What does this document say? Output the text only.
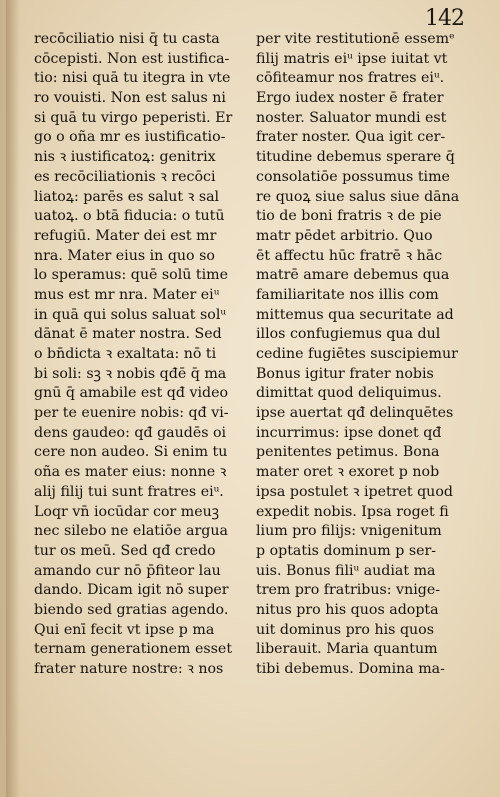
142
recōciliatio nisi q̄ tu casta
cōcepisti. Non est iustifica-
tio: nisi quā tu itegra in vte
ro vouisti. Non est salus ni
si quā tu virgo peperisti. Er
go o oña mr es iustificatio-
nis ꝛ iustificatoꝝ: genitrix
es recōciliationis ꝛ recōci
liatoꝝ: parēs es salut ꝛ sal
uatoꝝ. o btā fiducia: o tutū
refugiū. Mater dei est mr
nra. Mater eius in quo so
lo speramus: quē solū time
mus est mr nra. Mater eiᵘ
in quā qui solus saluat solᵘ
dānat ē mater nostra. Sed
o bn̄dicta ꝛ exaltata: nō ti
bi soli: sꝫ ꝛ nobis qđē q̄ ma
gnū q̄ amabile est qđ video
per te euenire nobis: qđ vi-
dens gaudeo: qđ gaudēs oi
cere non audeo. Si enim tu
oña es mater eius: nonne ꝛ
alij filij tui sunt fratres eiᵘ.
Loqr vn̄ iocūdar cor meuꝫ
nec silebo ne elatiōe argua
tur os meū. Sed qđ credo
amando cur nō p̄fiteor lau
dando. Dicam igit nō super
biendo sed gratias agendo.
Qui enī fecit vt ipse p ma
ternam generationem esset
frater nature nostre: ꝛ nos
per vite restitutionē essemᵉ
filij matris eiᵘ ipse iuitat vt
cōfiteamur nos fratres eiᵘ.
Ergo iudex noster ē frater
noster. Saluator mundi est
frater noster. Qua igit cer-
titudine debemus sperare q̄
consolatiōe possumus time
re quoꝝ siue salus siue dāna
tio de boni fratris ꝛ de pie
matr pēdet arbitrio. Quo
ēt affectu hūc fratrē ꝛ hāc
matrē amare debemus qua
familiaritate nos illis com
mittemus qua securitate ad
illos confugiemus qua dul
cedine fugiētes suscipiemur
Bonus igitur frater nobis
dimittat quod deliquimus.
ipse auertat qđ delinquētes
incurrimus: ipse donet qđ
penitentes petimus. Bona
mater oret ꝛ exoret p nob
ipsa postulet ꝛ ipetret quod
expedit nobis. Ipsa roget fi
lium pro filijs: vnigenitum
p optatis dominum p ser-
uis. Bonus filiᵘ audiat ma
trem pro fratribus: vnige-
nitus pro his quos adopta
uit dominus pro his quos
liberauit. Maria quantum
tibi debemus. Domina ma-
